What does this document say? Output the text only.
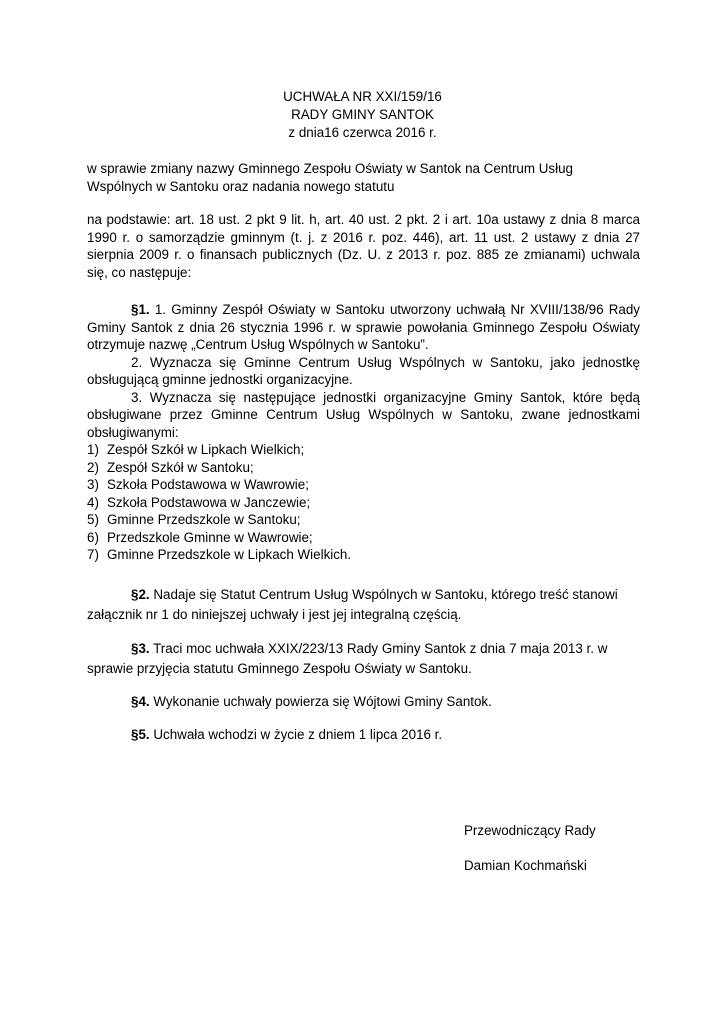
UCHWAŁA NR XXI/159/16
RADY GMINY SANTOK
z dnia16 czerwca 2016 r.
w sprawie zmiany nazwy Gminnego Zespołu Oświaty w Santok na Centrum Usług Wspólnych w Santoku oraz nadania nowego statutu
na podstawie: art. 18 ust. 2 pkt 9 lit. h, art. 40 ust. 2 pkt. 2 i art. 10a ustawy z dnia 8 marca 1990 r. o samorządzie gminnym (t. j. z 2016 r. poz. 446), art. 11 ust. 2 ustawy z dnia 27 sierpnia 2009 r. o finansach publicznych (Dz. U. z 2013 r. poz. 885 ze zmianami) uchwala się, co następuje:

§1. 1. Gminny Zespół Oświaty w Santoku utworzony uchwałą Nr XVIII/138/96 Rady Gminy Santok z dnia 26 stycznia 1996 r. w sprawie powołania Gminnego Zespołu Oświaty otrzymuje nazwę „Centrum Usług Wspólnych w Santoku”.

2. Wyznacza się Gminne Centrum Usług Wspólnych w Santoku, jako jednostkę obsługującą gminne jednostki organizacyjne.

3. Wyznacza się następujące jednostki organizacyjne Gminy Santok, które będą obsługiwane przez Gminne Centrum Usług Wspólnych w Santoku, zwane jednostkami obsługiwanymi:

1) Zespół Szkół w Lipkach Wielkich;
2) Zespół Szkół w Santoku;
3) Szkoła Podstawowa w Wawrowie;
4) Szkoła Podstawowa w Janczewie;
5) Gminne Przedszkole w Santoku;
6) Przedszkole Gminne w Wawrowie;
7) Gminne Przedszkole w Lipkach Wielkich.

§2. Nadaje się Statut Centrum Usług Wspólnych w Santoku, którego treść stanowi załącznik nr 1 do niniejszej uchwały i jest jej integralną częścią.

§3. Traci moc uchwała XXIX/223/13 Rady Gminy Santok z dnia 7 maja 2013 r. w sprawie przyjęcia statutu Gminnego Zespołu Oświaty w Santoku.

§4. Wykonanie uchwały powierza się Wójtowi Gminy Santok.

§5. Uchwała wchodzi w życie z dniem 1 lipca 2016 r.

Przewodniczący Rady
Damian Kochmański
